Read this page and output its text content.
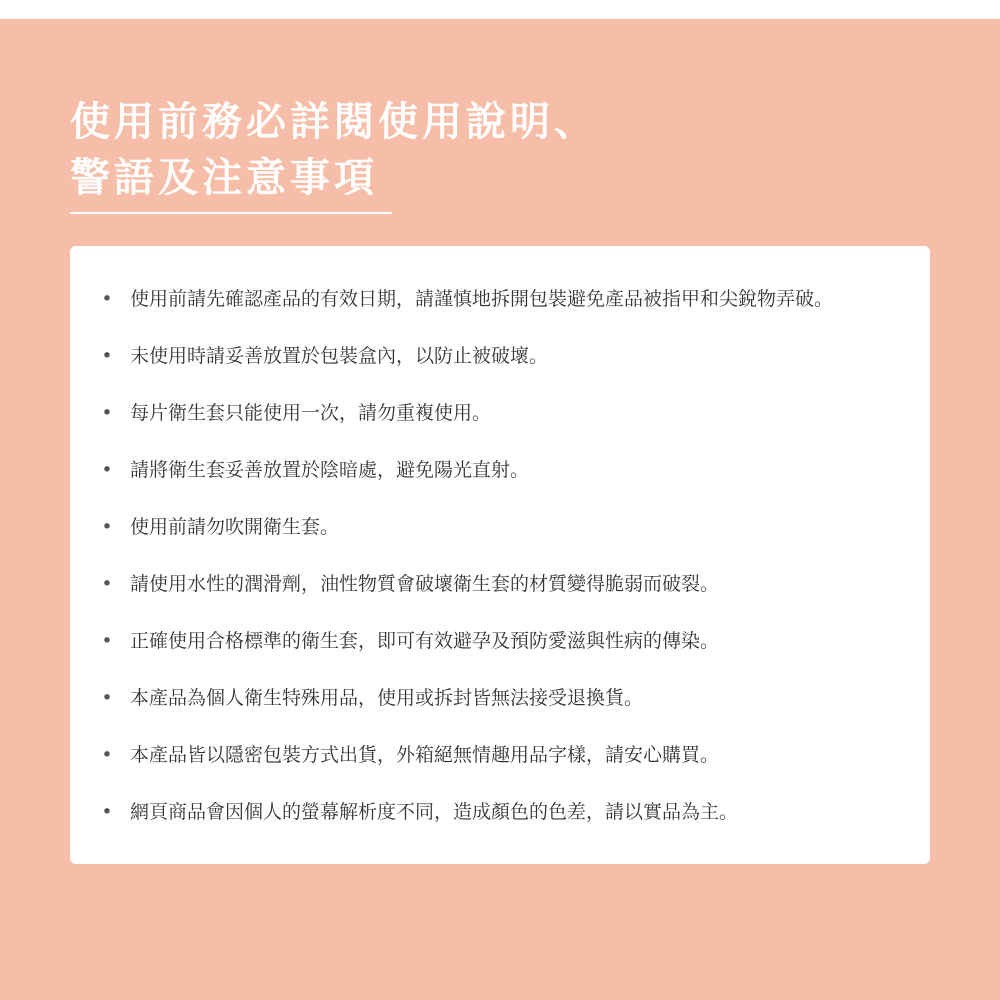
使用前務必詳閱使用說明、
警語及注意事項
• 使用前請先確認產品的有效日期，請謹慎地拆開包裝避免產品被指甲和尖銳物弄破。
• 未使用時請妥善放置於包裝盒內，以防止被破壞。
• 每片衛生套只能使用一次，請勿重複使用。
• 請將衛生套妥善放置於陰暗處，避免陽光直射。
• 使用前請勿吹開衛生套。
• 請使用水性的潤滑劑，油性物質會破壞衛生套的材質變得脆弱而破裂。
• 正確使用合格標準的衛生套，即可有效避孕及預防愛滋與性病的傳染。
• 本產品為個人衛生特殊用品，使用或拆封皆無法接受退換貨。
• 本產品皆以隱密包裝方式出貨，外箱絕無情趣用品字樣，請安心購買。
• 網頁商品會因個人的螢幕解析度不同，造成顏色的色差，請以實品為主。
